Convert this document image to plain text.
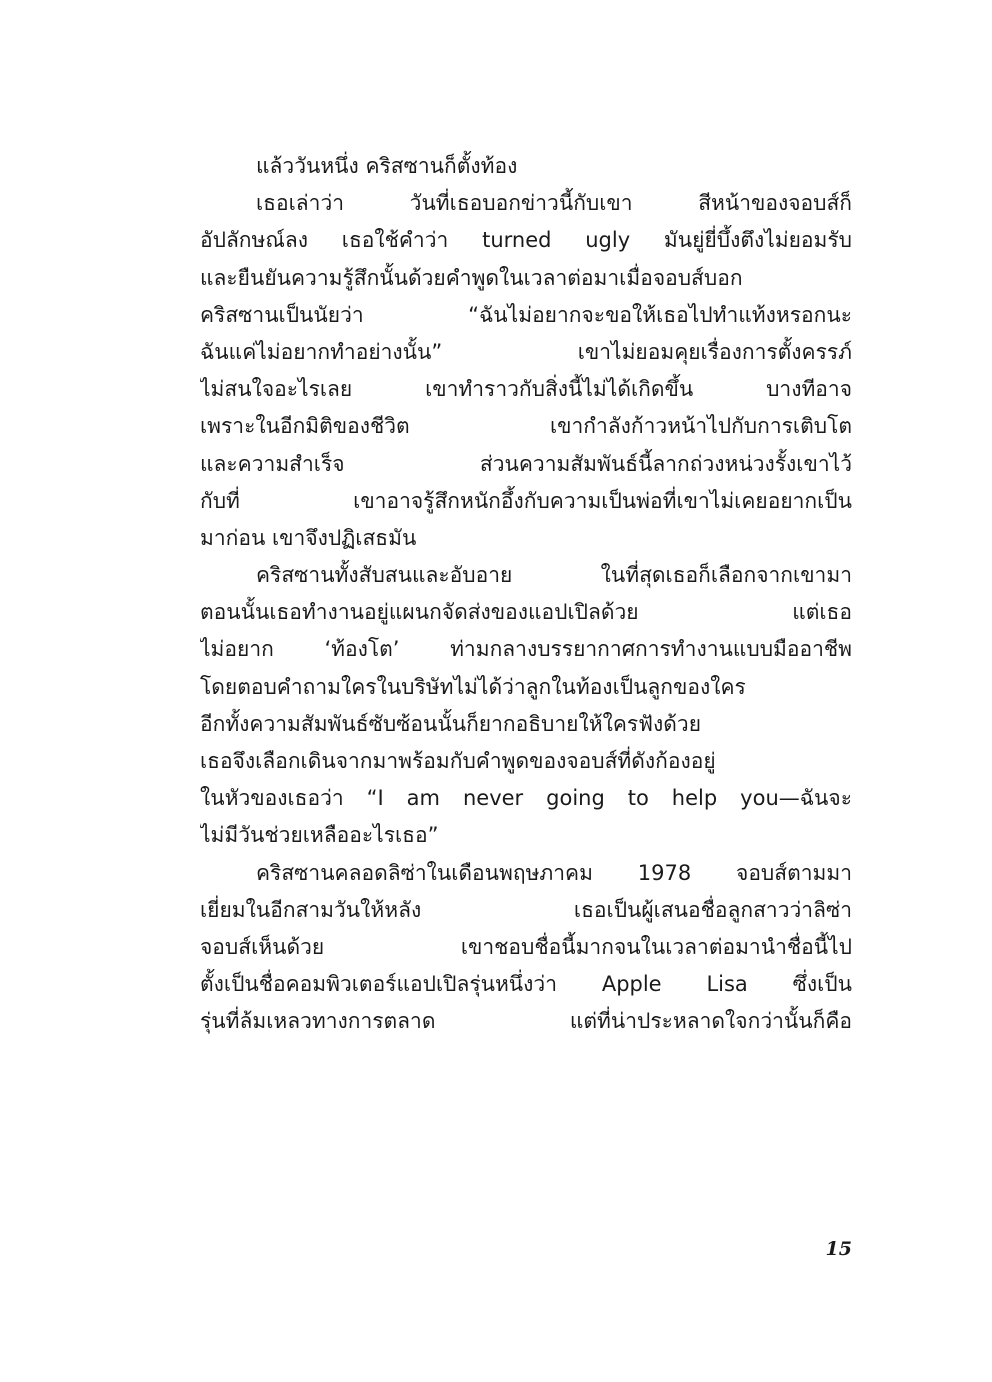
แล้ววันหนึ่ง คริสซานก็ตั้งท้อง
เธอเล่าว่า วันที่เธอบอกข่าวนี้กับเขา สีหน้าของจอบส์ก็
อัปลักษณ์ลง เธอใช้คำว่า turned ugly มันยู่ยี่บึ้งตึงไม่ยอมรับ
และยืนยันความรู้สึกนั้นด้วยคำพูดในเวลาต่อมาเมื่อจอบส์บอก
คริสซานเป็นนัยว่า “ฉันไม่อยากจะขอให้เธอไปทำแท้งหรอกนะ
ฉันแค่ไม่อยากทำอย่างนั้น” เขาไม่ยอมคุยเรื่องการตั้งครรภ์
ไม่สนใจอะไรเลย เขาทำราวกับสิ่งนี้ไม่ได้เกิดขึ้น บางทีอาจ
เพราะในอีกมิติของชีวิต เขากำลังก้าวหน้าไปกับการเติบโต
และความสำเร็จ ส่วนความสัมพันธ์นี้ลากถ่วงหน่วงรั้งเขาไว้
กับที่ เขาอาจรู้สึกหนักอึ้งกับความเป็นพ่อที่เขาไม่เคยอยากเป็น
มาก่อน เขาจึงปฏิเสธมัน
คริสซานทั้งสับสนและอับอาย ในที่สุดเธอก็เลือกจากเขามา
ตอนนั้นเธอทำงานอยู่แผนกจัดส่งของแอปเปิลด้วย แต่เธอ
ไม่อยาก ‘ท้องโต’ ท่ามกลางบรรยากาศการทำงานแบบมืออาชีพ
โดยตอบคำถามใครในบริษัทไม่ได้ว่าลูกในท้องเป็นลูกของใคร
อีกทั้งความสัมพันธ์ซับซ้อนนั้นก็ยากอธิบายให้ใครฟังด้วย
เธอจึงเลือกเดินจากมาพร้อมกับคำพูดของจอบส์ที่ดังก้องอยู่
ในหัวของเธอว่า “I am never going to help you—ฉันจะ
ไม่มีวันช่วยเหลืออะไรเธอ”
คริสซานคลอดลิซ่าในเดือนพฤษภาคม 1978 จอบส์ตามมา
เยี่ยมในอีกสามวันให้หลัง เธอเป็นผู้เสนอชื่อลูกสาวว่าลิซ่า
จอบส์เห็นด้วย เขาชอบชื่อนี้มากจนในเวลาต่อมานำชื่อนี้ไป
ตั้งเป็นชื่อคอมพิวเตอร์แอปเปิลรุ่นหนึ่งว่า Apple Lisa ซึ่งเป็น
รุ่นที่ล้มเหลวทางการตลาด แต่ที่น่าประหลาดใจกว่านั้นก็คือ
15
